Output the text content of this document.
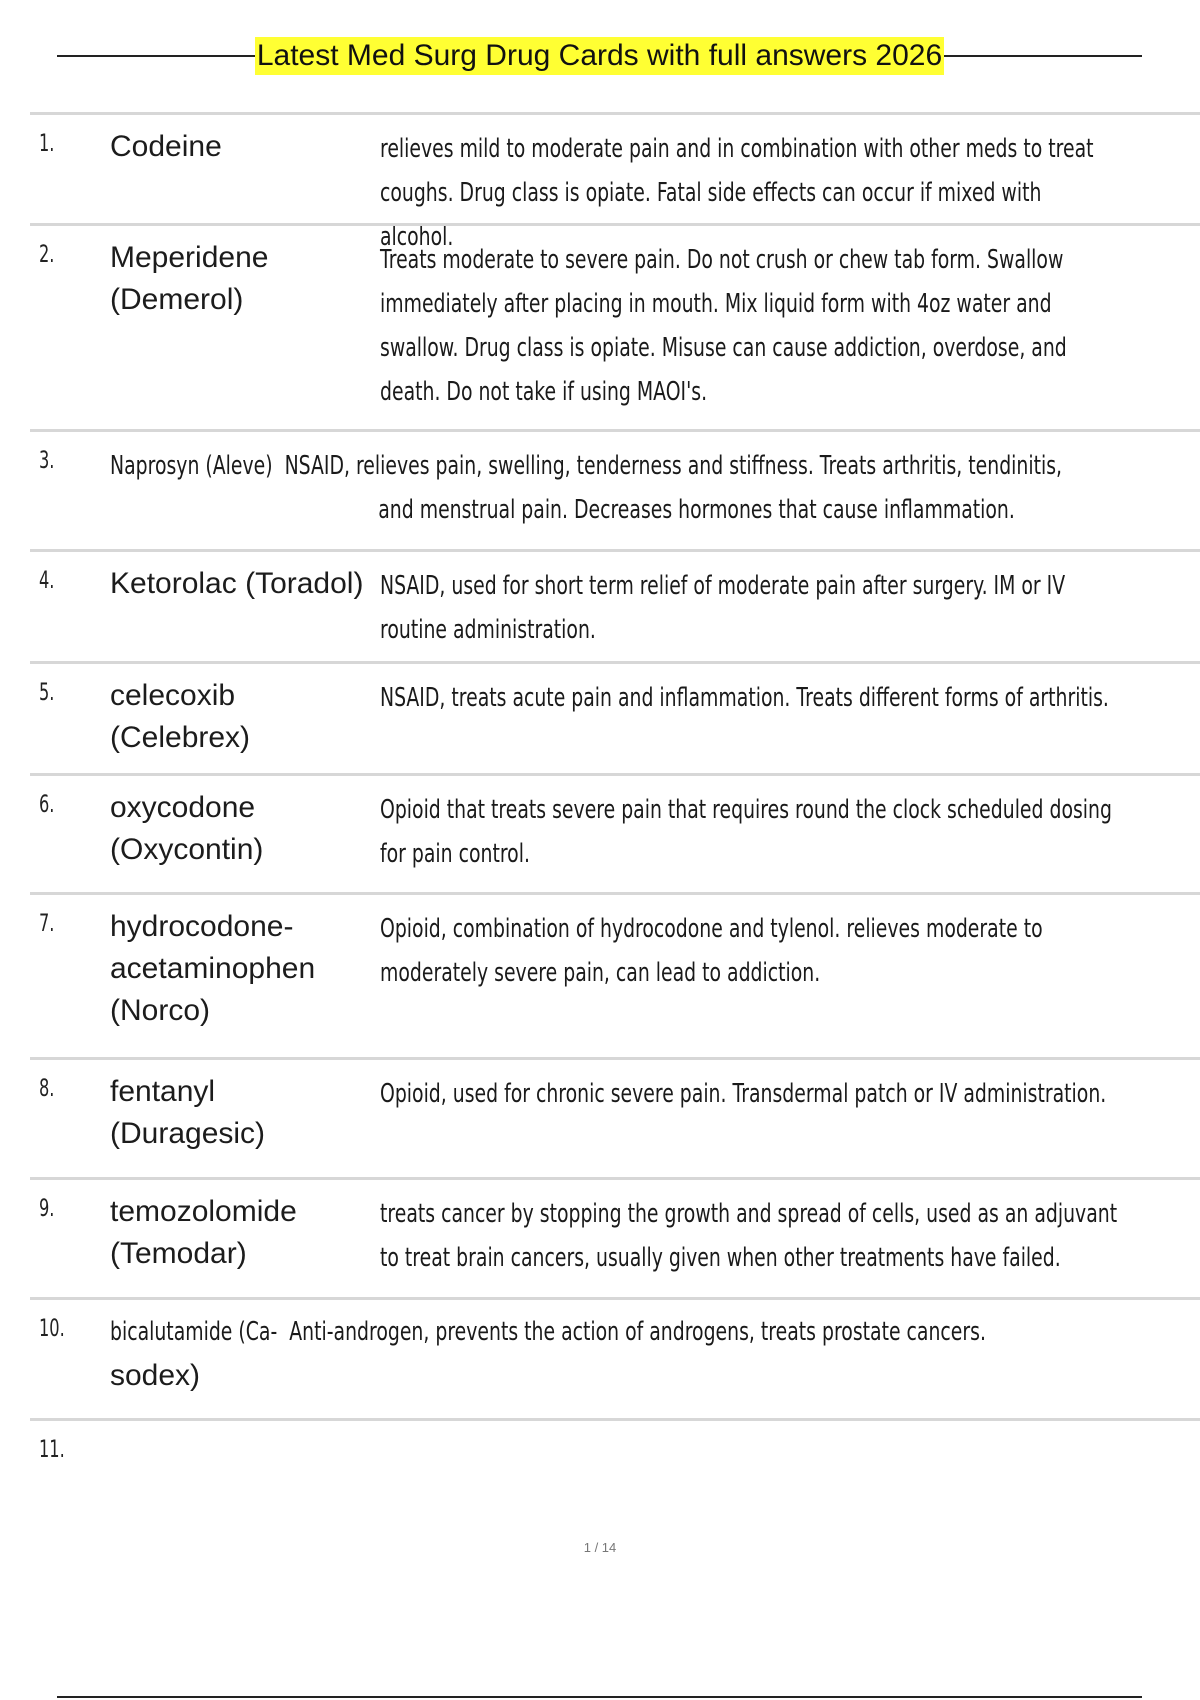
Latest Med Surg Drug Cards with full answers 2026
1. Codeine	relieves mild to moderate pain and in combination with other meds to treat coughs. Drug class is opiate. Fatal side effects can occur if mixed with alcohol.
2. Meperidene (Demerol)
Treats moderate to severe pain. Do not crush or chew tab form. Swallow immediately after placing in mouth. Mix liquid form with 4oz water and swallow. Drug class is opiate. Misuse can cause addiction, overdose, and death. Do not take if using MAOI's.
3. Naprosyn (Aleve) NSAID, relieves pain, swelling, tenderness and stiffness. Treats arthritis, tendinitis,
and menstrual pain. Decreases hormones that cause inflammation.
4. Ketorolac (Toradol) NSAID, used for short term relief of moderate pain after surgery. IM or IV routine administration.
5. celecoxib (Celebrex)
NSAID, treats acute pain and inflammation. Treats different forms of arthritis.
6. oxycodone (Oxycontin)
Opioid that treats severe pain that requires round the clock scheduled dosing for pain control.
7. hydrocodone-acetaminophen (Norco)
Opioid, combination of hydrocodone and tylenol. relieves moderate to moderately severe pain, can lead to addiction.
8. fentanyl (Duragesic)
Opioid, used for chronic severe pain. Transdermal patch or IV administration.
9. temozolomide (Temodar)
treats cancer by stopping the growth and spread of cells, used as an adjuvant to treat brain cancers, usually given when other treatments have failed.
10. bicalutamide (Ca- Anti-androgen, prevents the action of androgens, treats prostate cancers.
sodex)
11.
1 / 14
